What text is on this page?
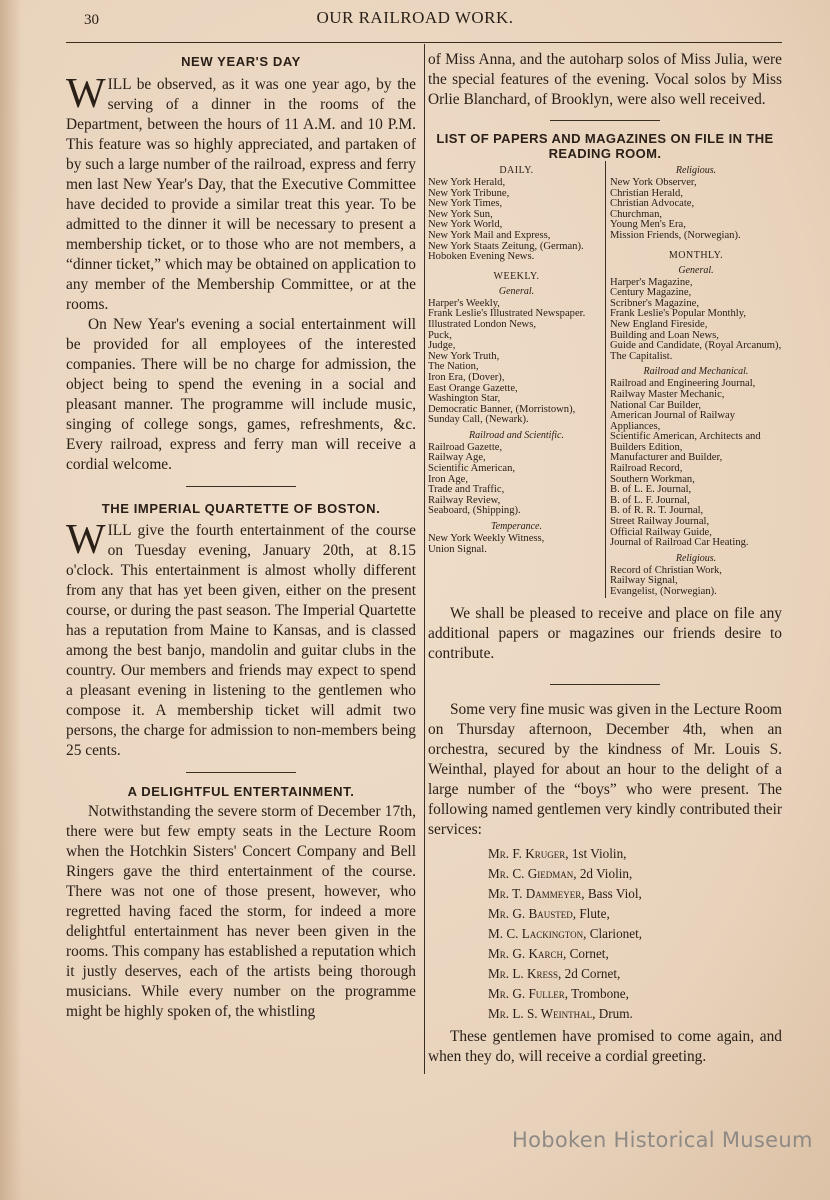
30	OUR RAILROAD WORK.

NEW YEAR'S DAY

W ILL be observed, as it was one year ago, by the serving of a dinner in the rooms of the Department, between the hours of 11 A.M. and 10 P.M. This feature was so highly appreciated, and partaken of by such a large number of the railroad, express and ferry men last New Year's Day, that the Executive Committee have decided to provide a similar treat this year. To be admitted to the dinner it will be necessary to present a membership ticket, or to those who are not members, a “dinner ticket,” which may be obtained on application to any member of the Membership Committee, or at the rooms.

On New Year's evening a social entertainment will be provided for all employees of the interested companies. There will be no charge for admission, the object being to spend the evening in a social and pleasant manner. The programme will include music, singing of college songs, games, refreshments, &c. Every railroad, express and ferry man will receive a cordial welcome.

THE IMPERIAL QUARTETTE OF BOSTON.

W ILL give the fourth entertainment of the course on Tuesday evening, January 20th, at 8.15 o'clock. This entertainment is almost wholly different from any that has yet been given, either on the present course, or during the past season. The Imperial Quartette has a reputation from Maine to Kansas, and is classed among the best banjo, mandolin and guitar clubs in the country. Our members and friends may expect to spend a pleasant evening in listening to the gentlemen who compose it. A membership ticket will admit two persons, the charge for admission to non-members being 25 cents.

A DELIGHTFUL ENTERTAINMENT.

Notwithstanding the severe storm of December 17th, there were but few empty seats in the Lecture Room when the Hotchkin Sisters' Concert Company and Bell Ringers gave the third entertainment of the course. There was not one of those present, however, who regretted having faced the storm, for indeed a more delightful entertainment has never been given in the rooms. This company has established a reputation which it justly deserves, each of the artists being thorough musicians. While every number on the programme might be highly spoken of, the whistling

of Miss Anna, and the autoharp solos of Miss Julia, were the special features of the evening. Vocal solos by Miss Orlie Blanchard, of Brooklyn, were also well received.

LIST OF PAPERS AND MAGAZINES ON FILE IN THE READING ROOM.

DAILY.

New York Herald,

New York Tribune,

New York Times,

New York Sun,

New York World,

New York Mail and Express,

New York Staats Zeitung, (German).

Hoboken Evening News.

WEEKLY.

General.

Harper's Weekly,

Frank Leslie's Illustrated Newspaper.

Illustrated London News,

Puck,

Judge,

New York Truth,

The Nation,

Iron Era, (Dover),

East Orange Gazette,

Washington Star,

Democratic Banner, (Morristown),

Sunday Call, (Newark).

Railroad and Scientific.

Railroad Gazette,

Railway Age,

Scientific American,

Iron Age,

Trade and Traffic,

Railway Review,

Seaboard, (Shipping).

Temperance.

New York Weekly Witness,

Union Signal.

Religious.

New York Observer,

Christian Herald,

Christian Advocate,

Churchman,

Young Men's Era,

Mission Friends, (Norwegian).

MONTHLY.

General.

Harper's Magazine,

Century Magazine,

Scribner's Magazine,

Frank Leslie's Popular Monthly,

New England Fireside,

Building and Loan News,

Guide and Candidate, (Royal Arcanum),

The Capitalist.

Railroad and Mechanical.

Railroad and Engineering Journal,

Railway Master Mechanic,

National Car Builder,

American Journal of Railway Appliances,

Scientific American, Architects and Builders Edition,

Manufacturer and Builder,

Railroad Record,

Southern Workman,

B. of L. E. Journal,

B. of L. F. Journal,

B. of R. R. T. Journal,

Street Railway Journal,

Official Railway Guide,

Journal of Railroad Car Heating.

Religious.

Record of Christian Work,

Railway Signal,

Evangelist, (Norwegian).

We shall be pleased to receive and place on file any additional papers or magazines our friends desire to contribute.

Some very fine music was given in the Lecture Room on Thursday afternoon, December 4th, when an orchestra, secured by the kindness of Mr. Louis S. Weinthal, played for about an hour to the delight of a large number of the “boys” who were present. The following named gentlemen very kindly contributed their services:

Mr. F. Kruger, 1st Violin,

Mr. C. Giedman, 2d Violin,

Mr. T. Dammeyer, Bass Viol,

Mr. G. Bausted, Flute,

M. C. Lackington, Clarionet,

Mr. G. Karch, Cornet,

Mr. L. Kress, 2d Cornet,

Mr. G. Fuller, Trombone,

Mr. L. S. Weinthal, Drum.

These gentlemen have promised to come again, and when they do, will receive a cordial greeting.

Hoboken Historical Museum
